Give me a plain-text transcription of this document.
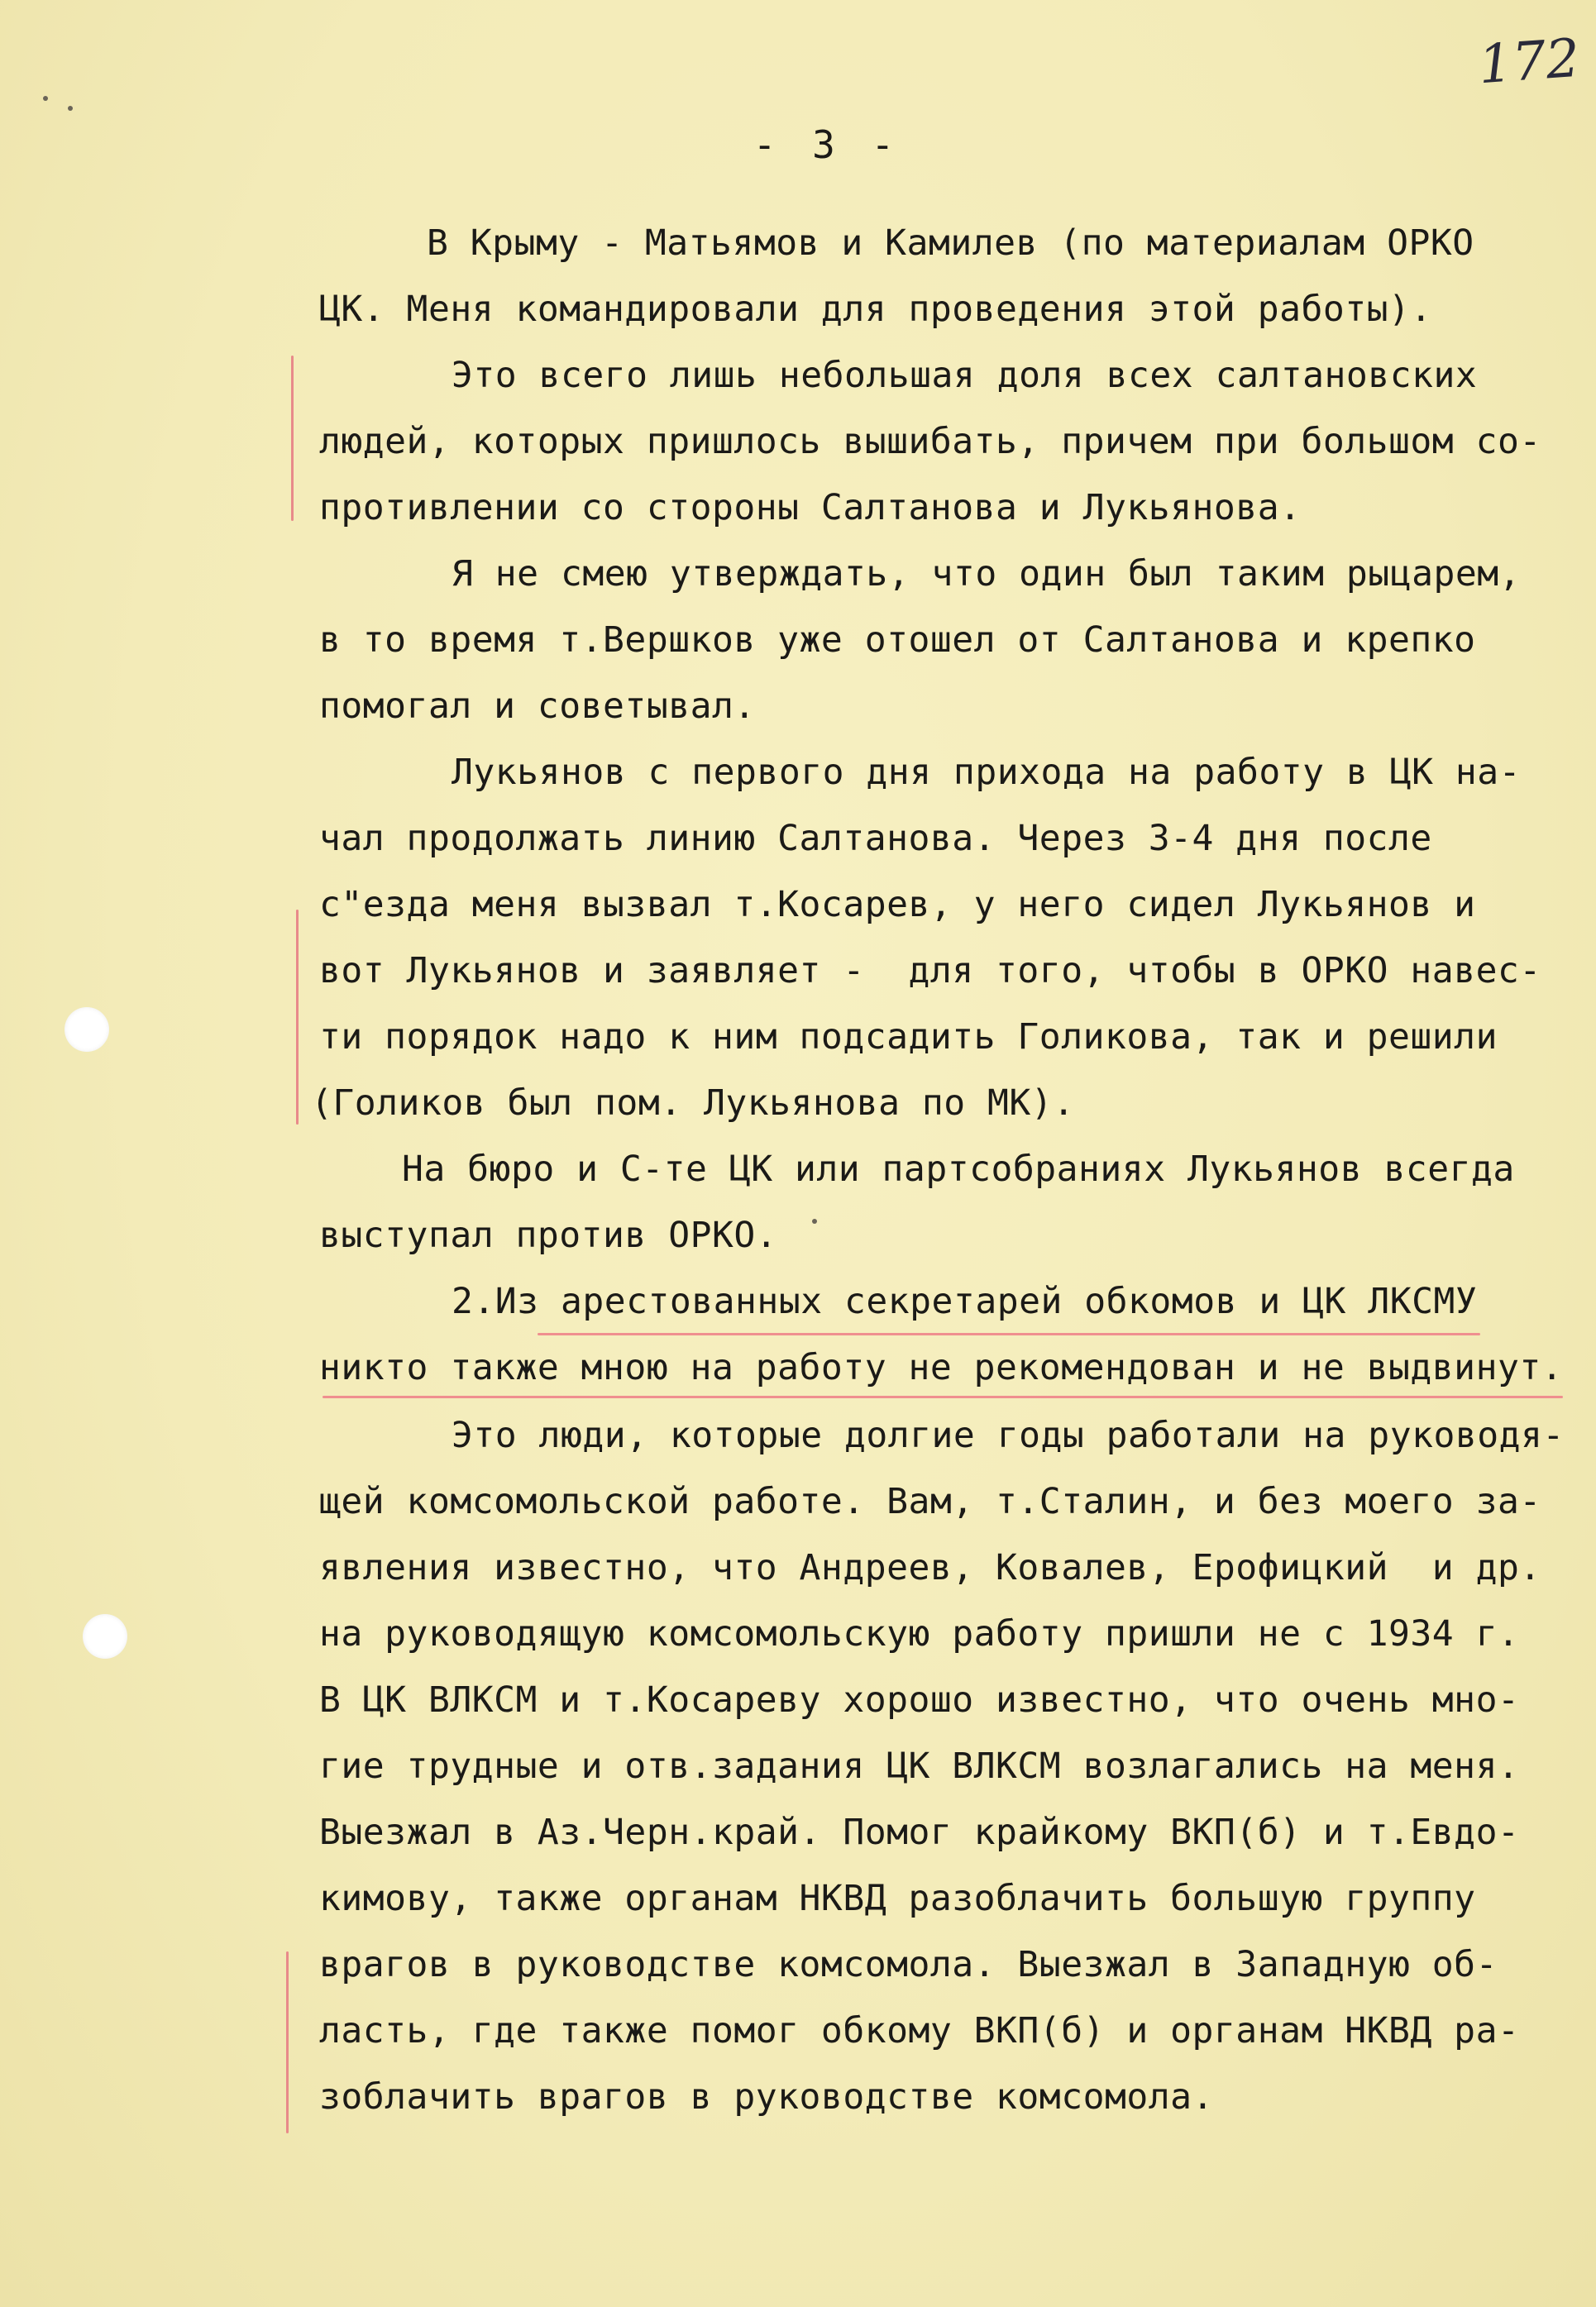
172
- 3 -
В Крыму - Матьямов и Камилев (по материалам ОРКО
ЦК. Меня командировали для проведения этой работы).
Это всего лишь небольшая доля всех салтановских
людей, которых пришлось вышибать, причем при большом со-
противлении со стороны Салтанова и Лукьянова.
Я не смею утверждать, что один был таким рыцарем,
в то время т.Вершков уже отошел от Салтанова и крепко
помогал и советывал.
Лукьянов с первого дня прихода на работу в ЦК на-
чал продолжать линию Салтанова. Через 3-4 дня после
с"езда меня вызвал т.Косарев, у него сидел Лукьянов и
вот Лукьянов и заявляет -  для того, чтобы в ОРКО навес-
ти порядок надо к ним подсадить Голикова, так и решили
(Голиков был пом. Лукьянова по МК).
На бюро и С-те ЦК или партсобраниях Лукьянов всегда
выступал против ОРКО.
2.Из арестованных секретарей обкомов и ЦК ЛКСМУ
никто также мною на работу не рекомендован и не выдвинут.
Это люди, которые долгие годы работали на руководя-
щей комсомольской работе. Вам, т.Сталин, и без моего за-
явления известно, что Андреев, Ковалев, Ерофицкий  и др.
на руководящую комсомольскую работу пришли не с 1934 г.
В ЦК ВЛКСМ и т.Косареву хорошо известно, что очень мно-
гие трудные и отв.задания ЦК ВЛКСМ возлагались на меня.
Выезжал в Аз.Черн.край. Помог крайкому ВКП(б) и т.Евдо-
кимову, также органам НКВД разоблачить большую группу
врагов в руководстве комсомола. Выезжал в Западную об-
ласть, где также помог обкому ВКП(б) и органам НКВД ра-
зоблачить врагов в руководстве комсомола.
